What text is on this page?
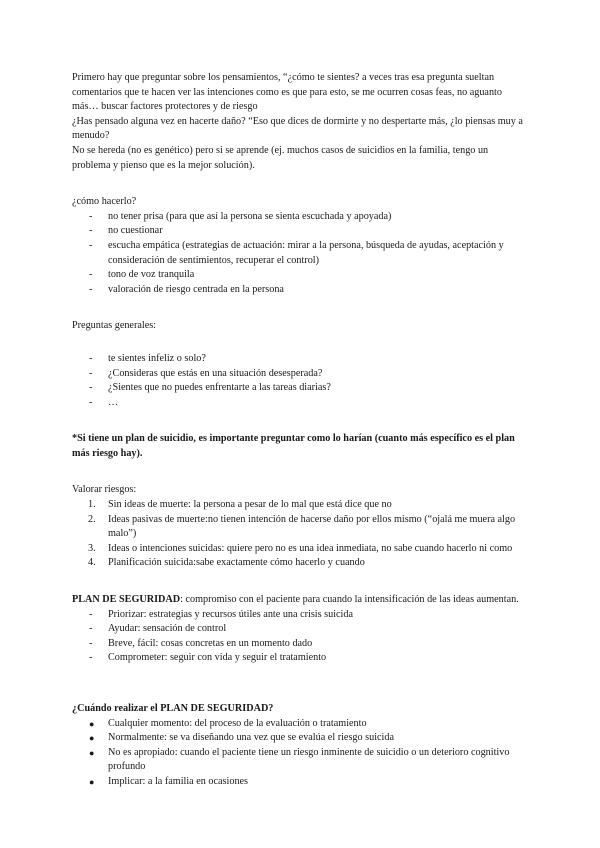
Primero hay que preguntar sobre los pensamientos, “¿cómo te sientes? a veces tras esa pregunta sueltan comentarios que te hacen ver las intenciones como es que para esto, se me ocurren cosas feas, no aguanto más… buscar factores protectores y de riesgo

¿Has pensado alguna vez en hacerte daño? “Eso que dices de dormirte y no despertarte más, ¿lo piensas muy a menudo?

No se hereda (no es genético) pero si se aprende (ej. muchos casos de suicidios en la familia, tengo un problema y pienso que es la mejor solución).

¿cómo hacerlo?

- no tener prisa (para que así la persona se sienta escuchada y apoyada)
- no cuestionar
- escucha empática (estrategias de actuación: mirar a la persona, búsqueda de ayudas, aceptación y consideración de sentimientos, recuperar el control)
- tono de voz tranquila
- valoración de riesgo centrada en la persona

Preguntas generales:

- te sientes infeliz o solo?
- ¿Consideras que estás en una situación desesperada?
- ¿Sientes que no puedes enfrentarte a las tareas diarias?
- …

*Si tiene un plan de suicidio, es importante preguntar como lo harían (cuanto más específico es el plan más riesgo hay).

Valorar riesgos:

1. Sin ideas de muerte: la persona a pesar de lo mal que está dice que no
2. Ideas pasivas de muerte:no tienen intención de hacerse daño por ellos mismo (“ojalá me muera algo malo”)
3. Ideas o intenciones suicidas: quiere pero no es una idea inmediata, no sabe cuando hacerlo ni como
4. Planificación suicida:sabe exactamente cómo hacerlo y cuando

PLAN DE SEGURIDAD: compromiso con el paciente para cuando la intensificación de las ideas aumentan.

- Priorizar: estrategias y recursos útiles ante una crisis suicida
- Ayudar: sensación de control
- Breve, fácil: cosas concretas en un momento dado
- Comprometer: seguir con vida y seguir el tratamiento

¿Cuándo realizar el PLAN DE SEGURIDAD?

● Cualquier momento: del proceso de la evaluación o tratamiento
● Normalmente: se va diseñando una vez que se evalúa el riesgo suicida
● No es apropiado: cuando el paciente tiene un riesgo inminente de suicidio o un deterioro cognitivo profundo
● Implicar: a la familia en ocasiones
